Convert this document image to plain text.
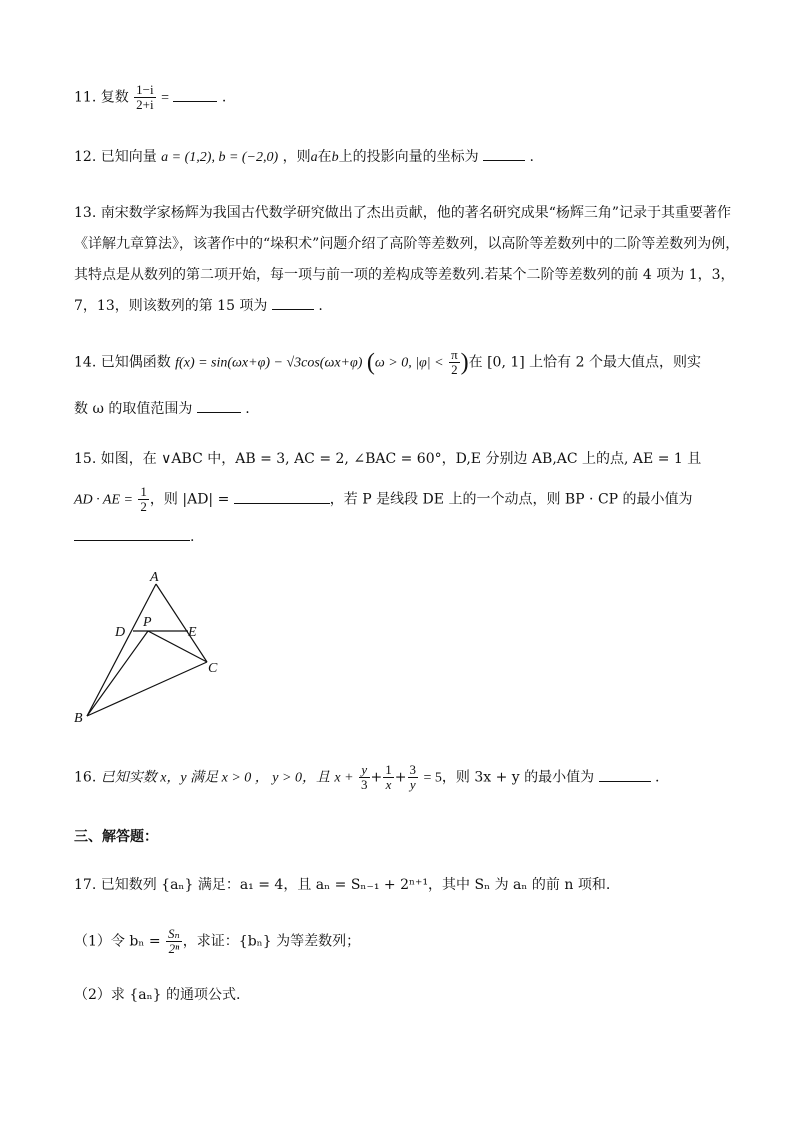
11. 复数 $\frac{1-i}{2+i}$ =	.
12. 已知向量 a = (1,2), b = (−2,0) ，则a在b上的投影向量的坐标为	.
13. 南宋数学家杨辉为我国古代数学研究做出了杰出贡献，他的著名研究成果“杨辉三角”记录于其重要著作
《详解九章算法》，该著作中的“垛积术”问题介绍了高阶等差数列，以高阶等差数列中的二阶等差数列为例，
其特点是从数列的第二项开始，每一项与前一项的差构成等差数列.若某个二阶等差数列的前 4 项为 1，3，
7，13，则该数列的第 15 项为	.
14. 已知偶函数 f(x) = sin(ωx+φ) − √3cos(ωx+φ) (ω > 0, $|\varphi| < \frac{\pi}{2}$ )在 [0, 1] 上恰有 2 个最大值点，则实
数 ω 的取值范围为	.
15. 如图，在 ∨ABC 中，AB = 3, AC = 2, ∠BAC = 60°，D,E 分别边 AB,AC 上的点, AE = 1 且
AD · AE = $\frac{1}{2}$ ，则 |AD| =	，若 P 是线段 DE 上的一个动点，则 BP · CP 的最小值为
.
A
D
P
E
C
B
16. 已知实数 x，y 满足 x > 0 ， y > 0，且 $x + \frac{y}{3} + \frac{1}{x} + \frac{3}{y} = 5$，则 3x + y 的最小值为	.
三、解答题：
17. 已知数列 {aₙ} 满足：a₁ = 4，且 aₙ = Sₙ₋₁ + 2ⁿ⁺¹，其中 Sₙ 为 aₙ 的前 n 项和.
（1）令 $b_n = \frac{\text{Sₙ}}{\text{2ⁿ}}$ ，求证：{bₙ} 为等差数列；
（2）求 {aₙ} 的通项公式.
